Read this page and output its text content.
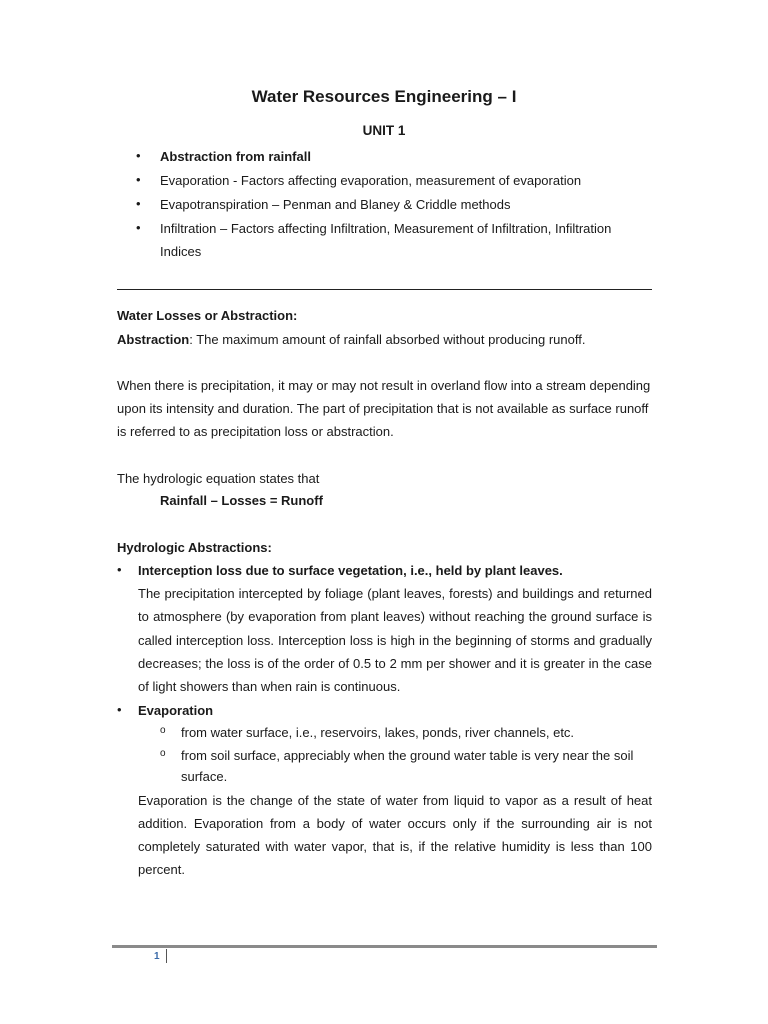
Water Resources Engineering – I
UNIT 1
• Abstraction from rainfall
• Evaporation - Factors affecting evaporation, measurement of evaporation
• Evapotranspiration – Penman and Blaney & Criddle methods
• Infiltration – Factors affecting Infiltration, Measurement of Infiltration, Infiltration
Indices
Water Losses or Abstraction:
Abstraction: The maximum amount of rainfall absorbed without producing runoff.
When there is precipitation, it may or may not result in overland flow into a stream depending
upon its intensity and duration. The part of precipitation that is not available as surface runoff
is referred to as precipitation loss or abstraction.
The hydrologic equation states that
Rainfall – Losses = Runoff
Hydrologic Abstractions:
• Interception loss due to surface vegetation, i.e., held by plant leaves.
The precipitation intercepted by foliage (plant leaves, forests) and buildings and returned
to atmosphere (by evaporation from plant leaves) without reaching the ground surface is
called interception loss. Interception loss is high in the beginning of storms and gradually
decreases; the loss is of the order of 0.5 to 2 mm per shower and it is greater in the case
of light showers than when rain is continuous.
• Evaporation
o from water surface, i.e., reservoirs, lakes, ponds, river channels, etc.
o from soil surface, appreciably when the ground water table is very near the soil
surface.
Evaporation is the change of the state of water from liquid to vapor as a result of heat
addition. Evaporation from a body of water occurs only if the surrounding air is not
completely saturated with water vapor, that is, if the relative humidity is less than 100
percent.
1
